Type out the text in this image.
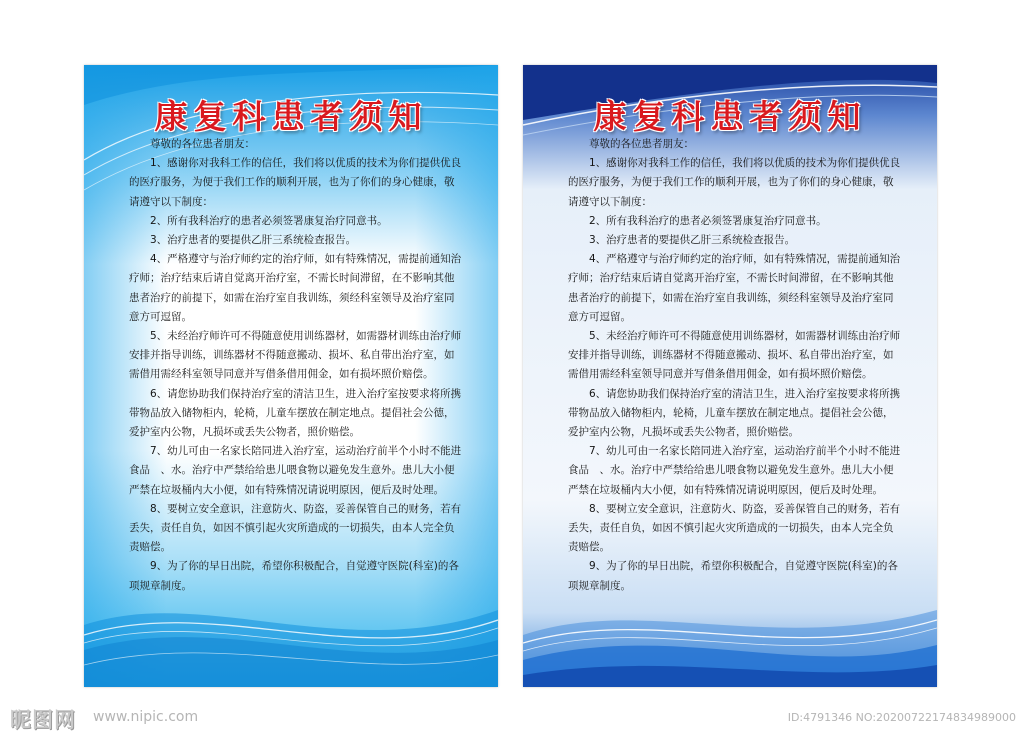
康复科患者须知

尊敬的各位患者朋友：

1、感谢你对我科工作的信任，我们将以优质的技术为你们提供优良的医疗服务，为便于我们工作的顺利开展，也为了你们的身心健康，敬请遵守以下制度：

2、所有我科治疗的患者必须签署康复治疗同意书。

3、治疗患者的要提供乙肝三系统检查报告。

4、严格遵守与治疗师约定的治疗师，如有特殊情况，需提前通知治疗师；治疗结束后请自觉离开治疗室，不需长时间滞留，在不影响其他患者治疗的前提下，如需在治疗室自我训练，须经科室领导及治疗室同意方可逗留。

5、未经治疗师许可不得随意使用训练器材，如需器材训练由治疗师安排并指导训练，训练器材不得随意搬动、损坏、私自带出治疗室，如需借用需经科室领导同意并写借条借用佣金，如有损坏照价赔偿。

6、请您协助我们保持治疗室的清洁卫生，进入治疗室按要求将所携带物品放入储物柜内，轮椅，儿童车摆放在制定地点。提倡社会公德，爱护室内公物，凡损坏或丢失公物者，照价赔偿。

7、幼儿可由一名家长陪同进入治疗室，运动治疗前半个小时不能进食品　、水。治疗中严禁给给患儿喂食物以避免发生意外。患儿大小便严禁在垃圾桶内大小便，如有特殊情况请说明原因，便后及时处理。

8、要树立安全意识，注意防火、防盗，妥善保管自己的财务，若有丢失，责任自负，如因不慎引起火灾所造成的一切损失，由本人完全负责赔偿。

9、为了你的早日出院，希望你积极配合，自觉遵守医院(科室)的各项规章制度。

康复科患者须知

尊敬的各位患者朋友：

1、感谢你对我科工作的信任，我们将以优质的技术为你们提供优良的医疗服务，为便于我们工作的顺利开展，也为了你们的身心健康，敬请遵守以下制度：

2、所有我科治疗的患者必须签署康复治疗同意书。

3、治疗患者的要提供乙肝三系统检查报告。

4、严格遵守与治疗师约定的治疗师，如有特殊情况，需提前通知治疗师；治疗结束后请自觉离开治疗室，不需长时间滞留，在不影响其他患者治疗的前提下，如需在治疗室自我训练，须经科室领导及治疗室同意方可逗留。

5、未经治疗师许可不得随意使用训练器材，如需器材训练由治疗师安排并指导训练，训练器材不得随意搬动、损坏、私自带出治疗室，如需借用需经科室领导同意并写借条借用佣金，如有损坏照价赔偿。

6、请您协助我们保持治疗室的清洁卫生，进入治疗室按要求将所携带物品放入储物柜内，轮椅，儿童车摆放在制定地点。提倡社会公德，爱护室内公物，凡损坏或丢失公物者，照价赔偿。

7、幼儿可由一名家长陪同进入治疗室，运动治疗前半个小时不能进食品　、水。治疗中严禁给给患儿喂食物以避免发生意外。患儿大小便严禁在垃圾桶内大小便，如有特殊情况请说明原因，便后及时处理。

8、要树立安全意识，注意防火、防盗，妥善保管自己的财务，若有丢失，责任自负，如因不慎引起火灾所造成的一切损失，由本人完全负责赔偿。

9、为了你的早日出院，希望你积极配合，自觉遵守医院(科室)的各项规章制度。

昵图网 www.nipic.com	ID:4791346 NO:20200722174834989000
